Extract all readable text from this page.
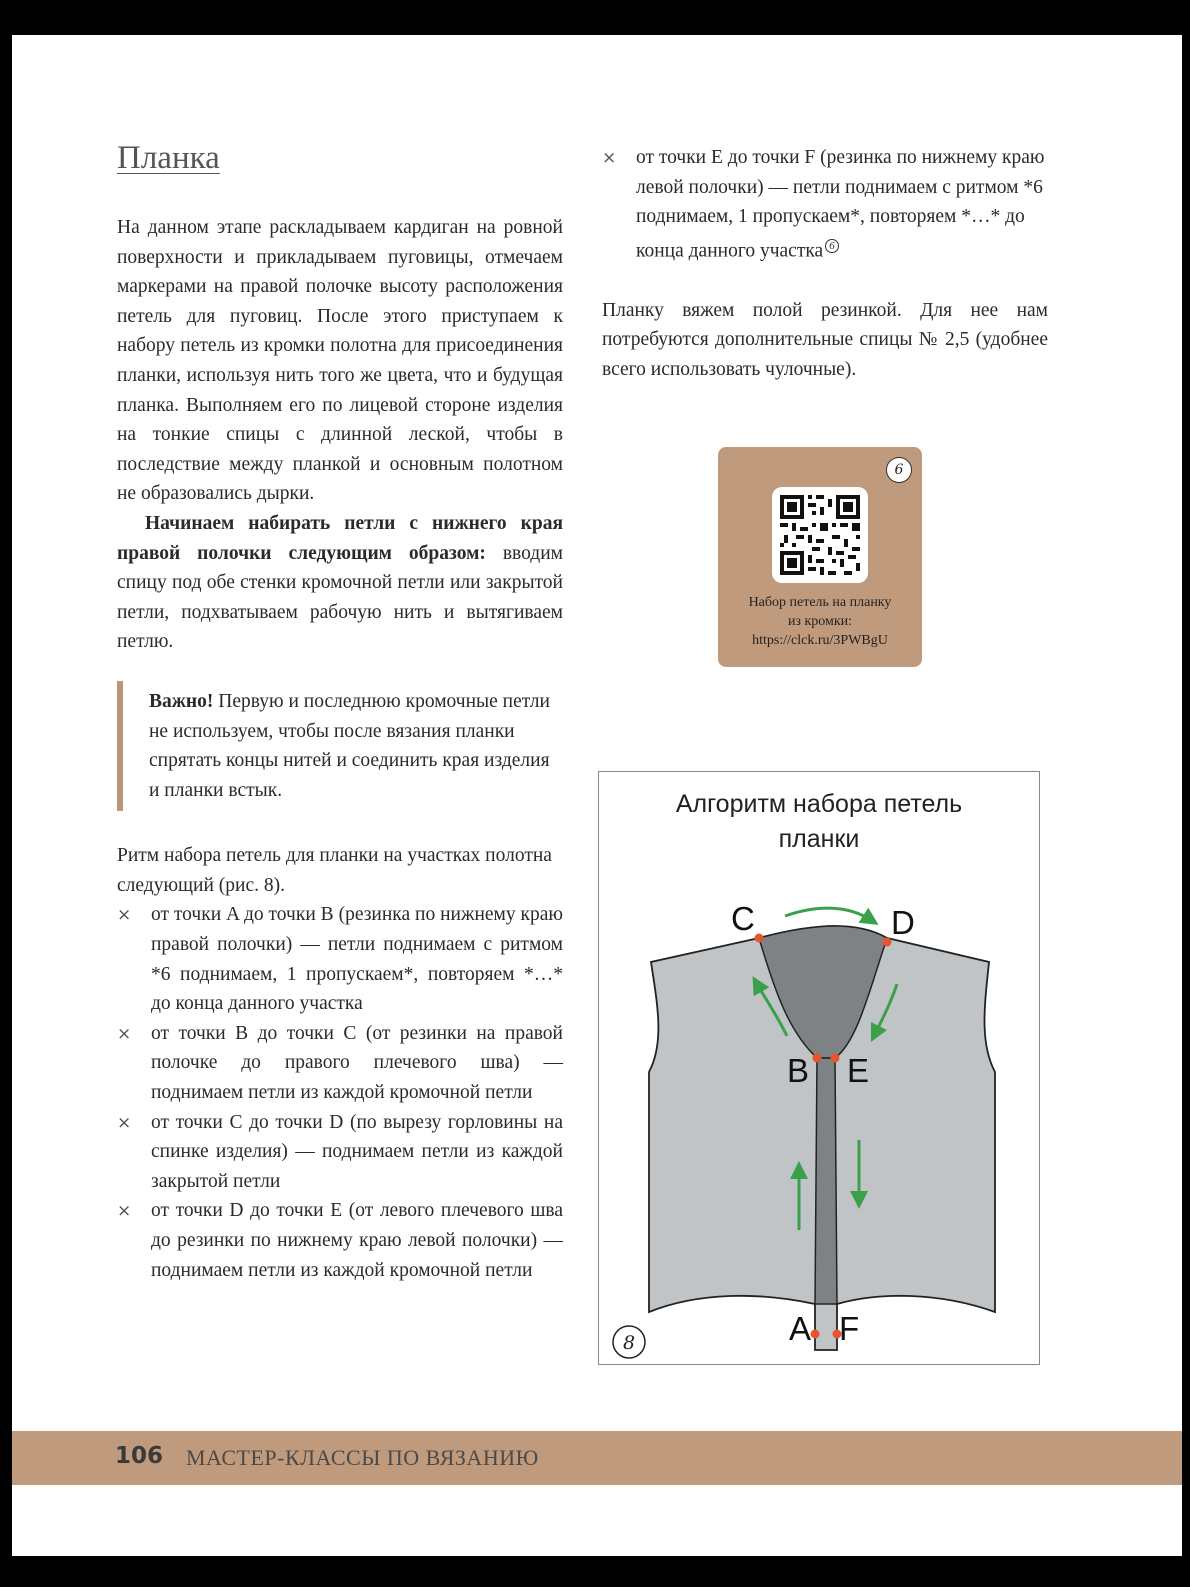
Планка

На данном этапе раскладываем кардиган на ровной поверхности и прикладываем пуговицы, отмечаем маркерами на правой полочке высоту расположения петель для пуговиц. После этого приступаем к набору петель из кромки полотна для присоединения планки, используя нить того же цвета, что и будущая планка. Выполняем его по лицевой стороне изделия на тонкие спицы с длинной леской, чтобы в последствие между планкой и основным полотном не образовались дырки.

Начинаем набирать петли с нижнего края правой полочки следующим образом: вводим спицу под обе стенки кромочной петли или закрытой петли, подхватываем рабочую нить и вытягиваем петлю.

Важно! Первую и последнюю кромочные петли не используем, чтобы после вязания планки спрятать концы нитей и соединить края изделия и планки встык.

Ритм набора петель для планки на участках полотна следующий (рис. 8).

⨯ от точки A до точки B (резинка по нижнему краю правой полочки) — петли поднимаем с ритмом *6 поднимаем, 1 пропускаем*, повторяем *…* до конца данного участка
⨯ от точки B до точки C (от резинки на правой полочке до правого плечевого шва) — поднимаем петли из каждой кромочной петли
⨯ от точки C до точки D (по вырезу горловины на спинке изделия) — поднимаем петли из каждой закрытой петли
⨯ от точки D до точки E (от левого плечевого шва до резинки по нижнему краю левой полочки) — поднимаем петли из каждой кромочной петли
⨯ от точки E до точки F (резинка по нижнему краю левой полочки) — петли поднимаем с ритмом *6 поднимаем, 1 пропускаем*, повторяем *…* до конца данного участка $^6$

Планку вяжем полой резинкой. Для нее нам потребуются дополнительные спицы № 2,5 (удобнее всего использовать чулочные).

6
Набор петель на планку
из кромки:
https://clck.ru/3PWBgU
Алгоритм набора петель
планки
C	D
B E
A F
8
106 МАСТЕР-КЛАССЫ ПО ВЯЗАНИЮ
